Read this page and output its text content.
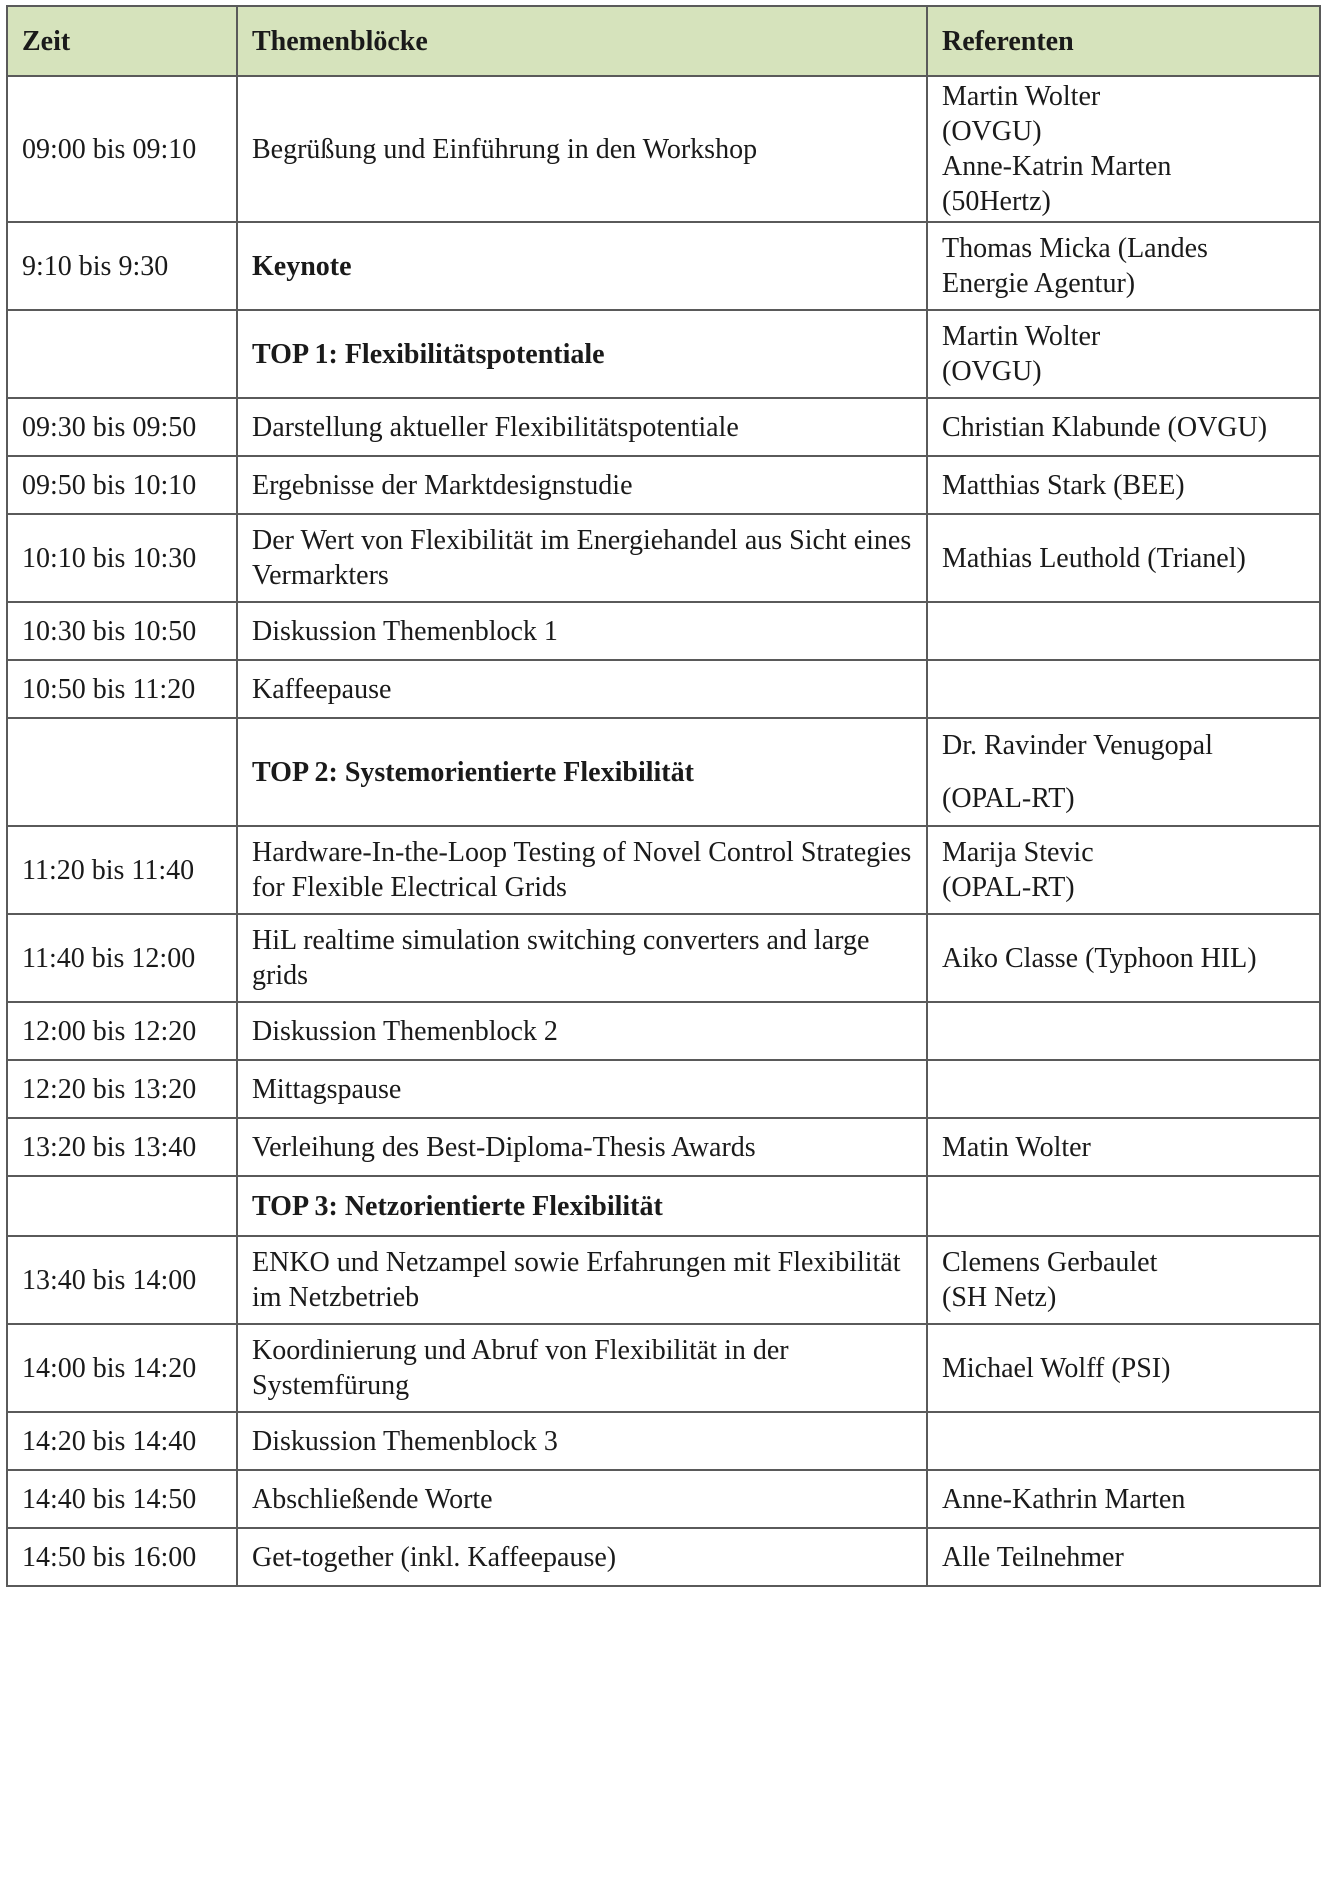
Zeit	Themenblöcke	Referenten
09:00 bis 09:10	Begrüßung und Einführung in den Workshop	Martin Wolter
(OVGU)
Anne-Katrin Marten
(50Hertz)

9:10 bis 9:30	Keynote	Thomas Micka (Landes
Energie Agentur)

	TOP 1: Flexibilitätspotentiale	Martin Wolter
(OVGU)

09:30 bis 09:50	Darstellung aktueller Flexibilitätspotentiale	Christian Klabunde (OVGU)

09:50 bis 10:10	Ergebnisse der Marktdesignstudie	Matthias Stark (BEE)

10:10 bis 10:30	Der Wert von Flexibilität im Energiehandel aus Sicht eines Vermarkters	Mathias Leuthold (Trianel)

10:30 bis 10:50	Diskussion Themenblock 1	
10:50 bis 11:20	Kaffeepause	
	TOP 2: Systemorientierte Flexibilität	Dr. Ravinder Venugopal
(OPAL-RT)

11:20 bis 11:40	Hardware-In-the-Loop Testing of Novel Control Strategies for Flexible Electrical Grids	Marija Stevic
(OPAL-RT)

11:40 bis 12:00	HiL realtime simulation switching converters and large grids	Aiko Classe (Typhoon HIL)

12:00 bis 12:20	Diskussion Themenblock 2	
12:20 bis 13:20	Mittagspause	
13:20 bis 13:40	Verleihung des Best-Diploma-Thesis Awards	Matin Wolter

	TOP 3: Netzorientierte Flexibilität	
13:40 bis 14:00	ENKO und Netzampel sowie Erfahrungen mit Flexibilität im Netzbetrieb	Clemens Gerbaulet
(SH Netz)

14:00 bis 14:20	Koordinierung und Abruf von Flexibilität in der Systemfürung	Michael Wolff (PSI)

14:20 bis 14:40	Diskussion Themenblock 3	
14:40 bis 14:50	Abschließende Worte	Anne-Kathrin Marten

14:50 bis 16:00	Get-together (inkl. Kaffeepause)	Alle Teilnehmer
